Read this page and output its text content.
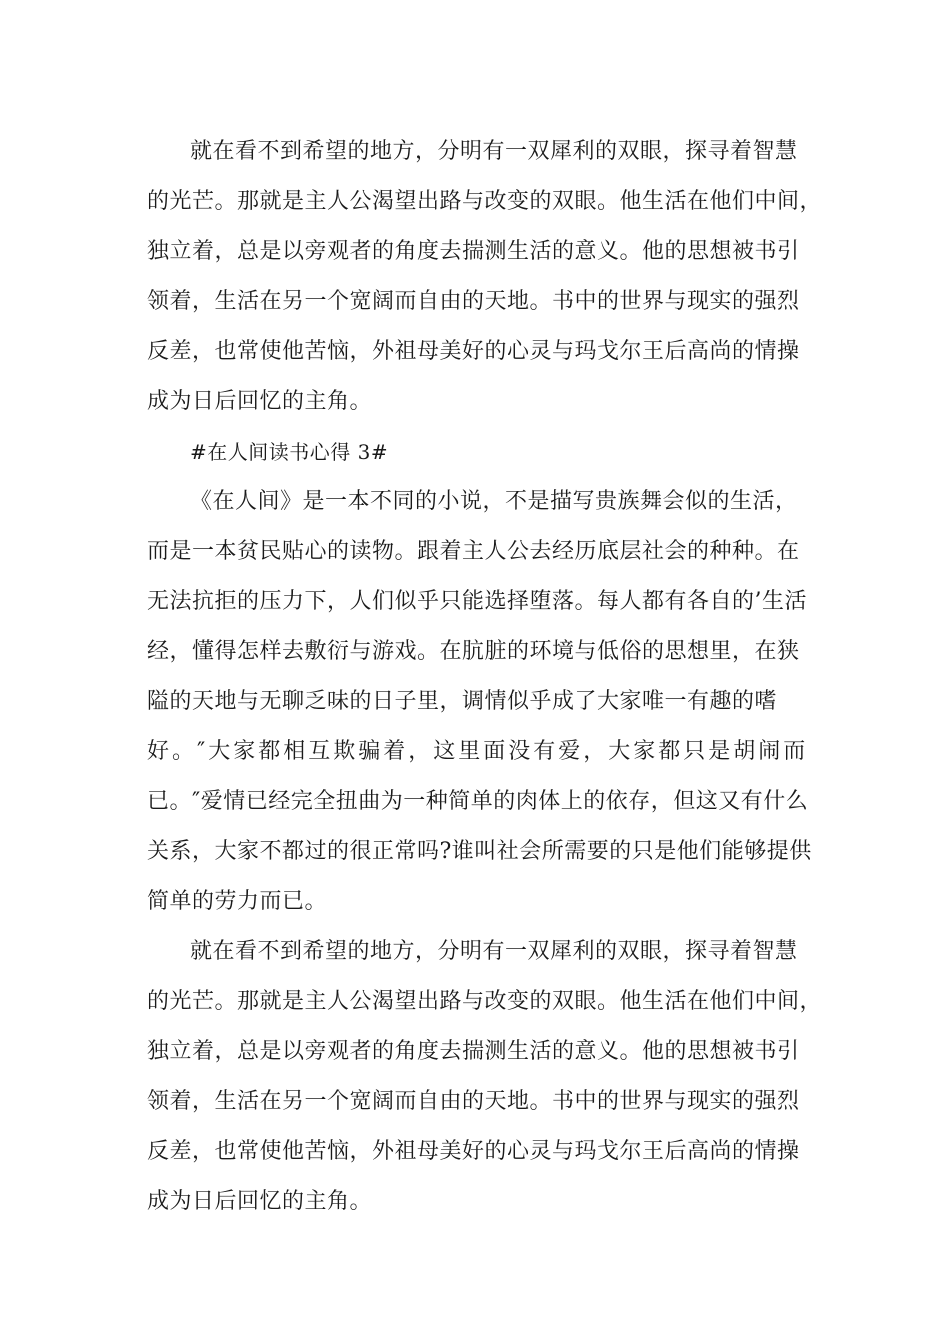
就在看不到希望的地方，分明有一双犀利的双眼，探寻着智慧
的光芒。那就是主人公渴望出路与改变的双眼。他生活在他们中间，
独立着，总是以旁观者的角度去揣测生活的意义。他的思想被书引
领着，生活在另一个宽阔而自由的天地。书中的世界与现实的强烈
反差，也常使他苦恼，外祖母美好的心灵与玛戈尔王后高尚的情操
成为日后回忆的主角。
#在人间读书心得 3#
《在人间》是一本不同的小说，不是描写贵族舞会似的生活，
而是一本贫民贴心的读物。跟着主人公去经历底层社会的种种。在
无法抗拒的压力下，人们似乎只能选择堕落。每人都有各自的’生活
经，懂得怎样去敷衍与游戏。在肮脏的环境与低俗的思想里，在狭
隘的天地与无聊乏味的日子里，调情似乎成了大家唯一有趣的嗜
好。″大家都相互欺骗着，这里面没有爱，大家都只是胡闹而
已。″爱情已经完全扭曲为一种简单的肉体上的依存，但这又有什么
关系，大家不都过的很正常吗?谁叫社会所需要的只是他们能够提供
简单的劳力而已。
就在看不到希望的地方，分明有一双犀利的双眼，探寻着智慧
的光芒。那就是主人公渴望出路与改变的双眼。他生活在他们中间，
独立着，总是以旁观者的角度去揣测生活的意义。他的思想被书引
领着，生活在另一个宽阔而自由的天地。书中的世界与现实的强烈
反差，也常使他苦恼，外祖母美好的心灵与玛戈尔王后高尚的情操
成为日后回忆的主角。
